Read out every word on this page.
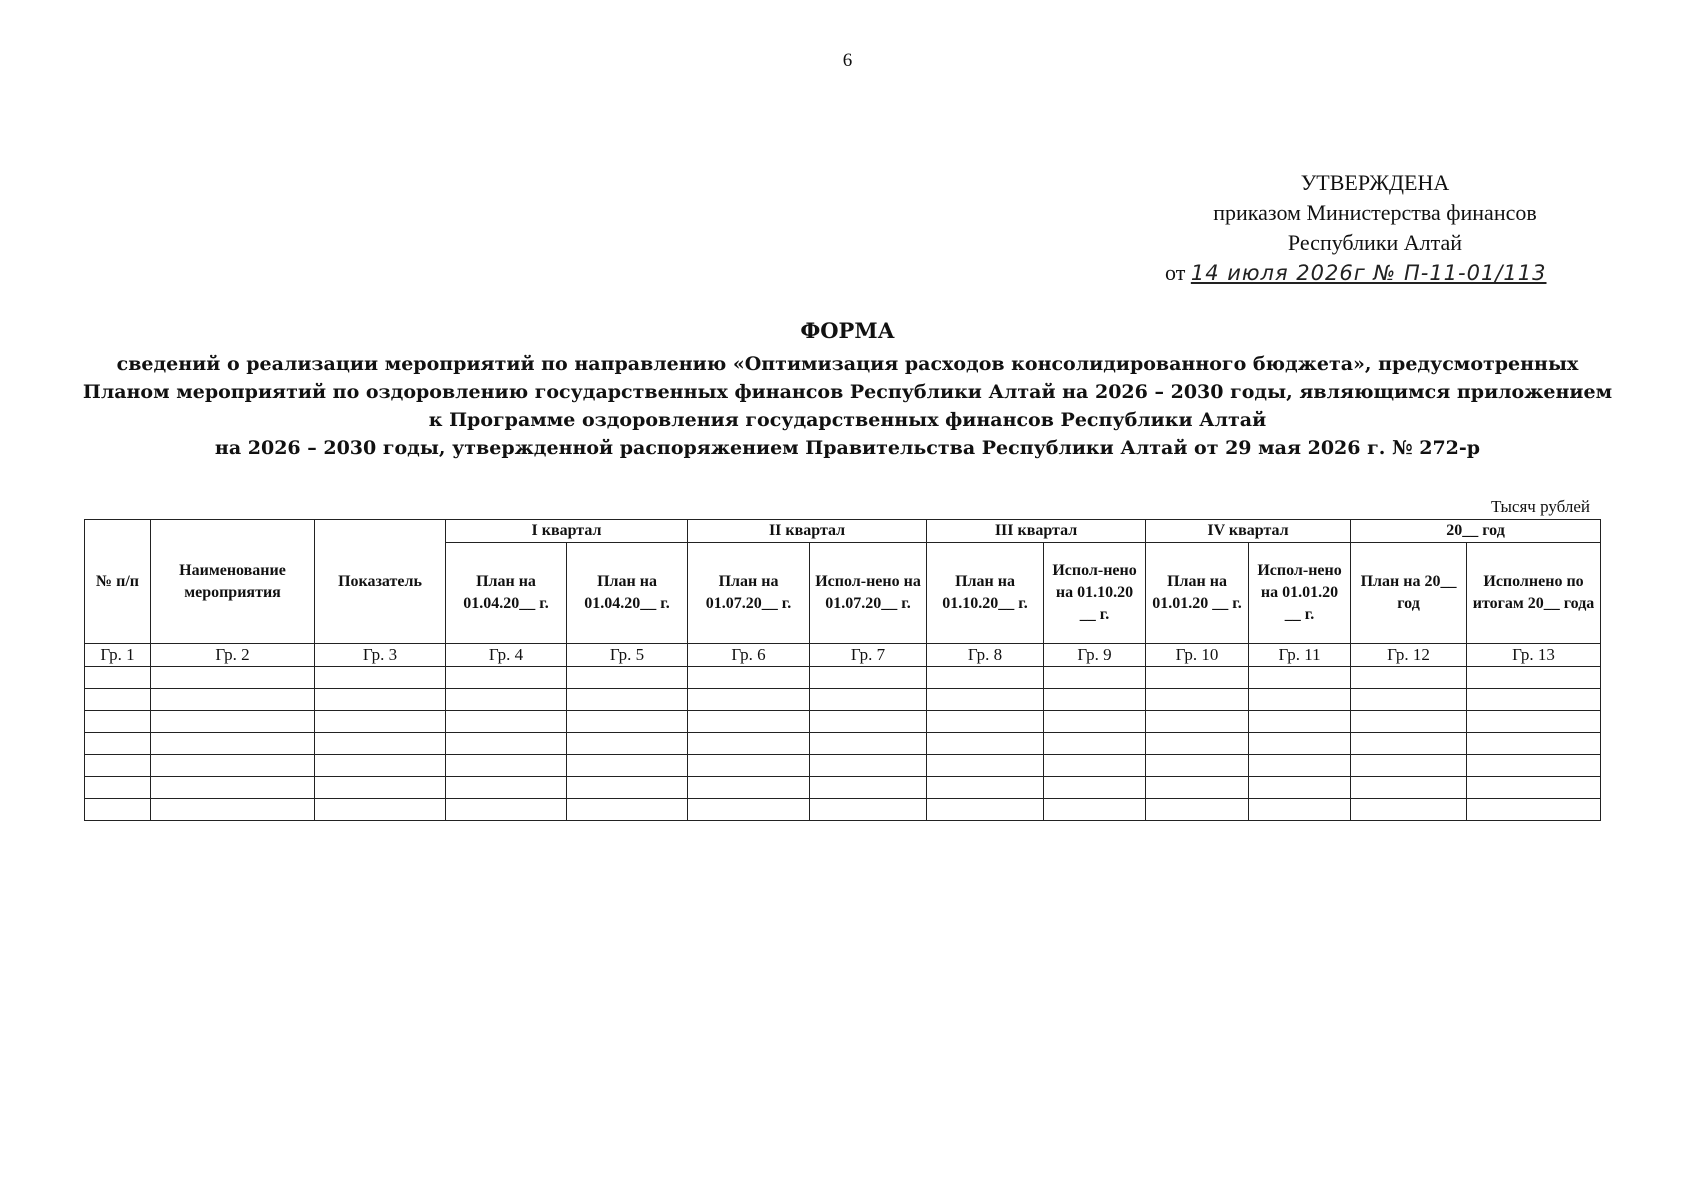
6
УТВЕРЖДЕНА
приказом Министерства финансов
Республики Алтай
от 14 июля 2026г № П-11-01/113
ФОРМА
сведений о реализации мероприятий по направлению «Оптимизация расходов консолидированного бюджета», предусмотренных
Планом мероприятий по оздоровлению государственных финансов Республики Алтай на 2026 – 2030 годы, являющимся приложением
к Программе оздоровления государственных финансов Республики Алтай
на 2026 – 2030 годы, утвержденной распоряжением Правительства Республики Алтай от 29 мая 2026 г. № 272-р
Тысяч рублей
№ п/п	Наименование мероприятия	Показатель	I квартал		II квартал		III квартал		IV квартал		20__ год	
			План на 01.04.20__ г.	План на 01.04.20__ г.	План на 01.07.20__ г.	Испол-нено на 01.07.20__ г.	План на 01.10.20__ г.	Испол-нено на 01.10.20 __ г.	План на 01.01.20 __ г.	Испол-нено на 01.01.20 __ г.	План на 20__ год	Исполнено по итогам 20__ года
Гр. 1	Гр. 2	Гр. 3	Гр. 4	Гр. 5	Гр. 6	Гр. 7	Гр. 8	Гр. 9	Гр. 10	Гр. 11	Гр. 12	Гр. 13
